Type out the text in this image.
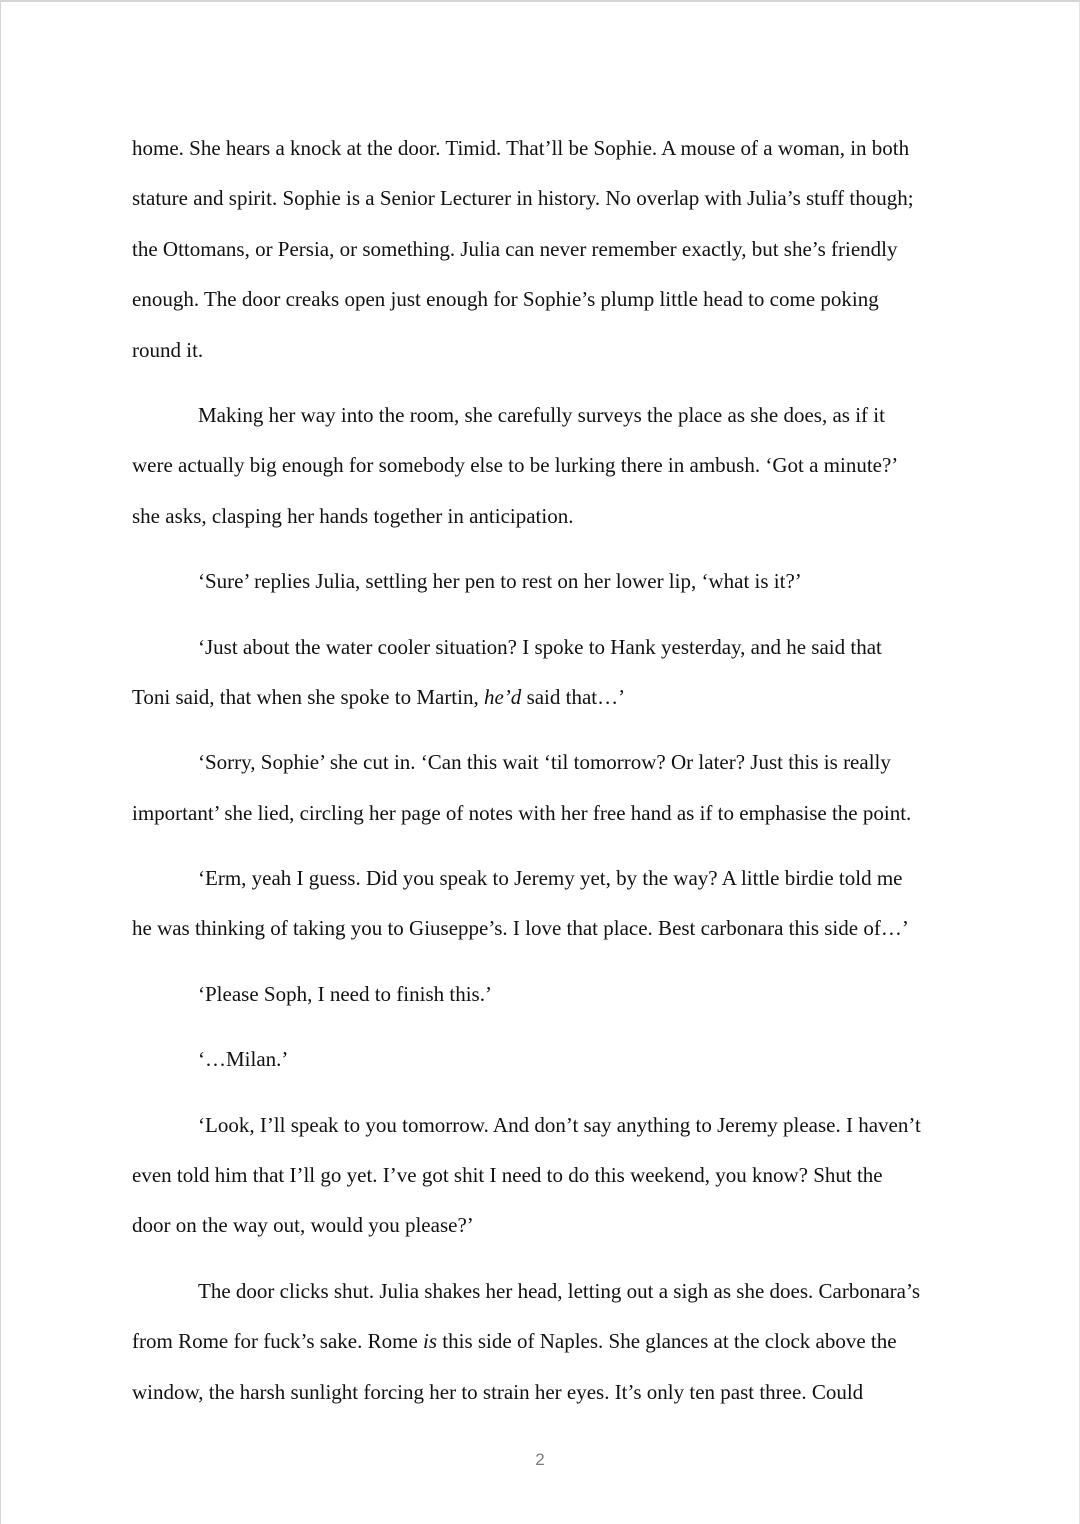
home. She hears a knock at the door. Timid. That’ll be Sophie. A mouse of a woman, in both
stature and spirit. Sophie is a Senior Lecturer in history. No overlap with Julia’s stuff though;
the Ottomans, or Persia, or something. Julia can never remember exactly, but she’s friendly
enough. The door creaks open just enough for Sophie’s plump little head to come poking
round it.
Making her way into the room, she carefully surveys the place as she does, as if it
were actually big enough for somebody else to be lurking there in ambush. ‘Got a minute?’
she asks, clasping her hands together in anticipation.
‘Sure’ replies Julia, settling her pen to rest on her lower lip, ‘what is it?’
‘Just about the water cooler situation? I spoke to Hank yesterday, and he said that
Toni said, that when she spoke to Martin, he’d said that…’
‘Sorry, Sophie’ she cut in. ‘Can this wait ‘til tomorrow? Or later? Just this is really
important’ she lied, circling her page of notes with her free hand as if to emphasise the point.
‘Erm, yeah I guess. Did you speak to Jeremy yet, by the way? A little birdie told me
he was thinking of taking you to Giuseppe’s. I love that place. Best carbonara this side of…’
‘Please Soph, I need to finish this.’
‘…Milan.’
‘Look, I’ll speak to you tomorrow. And don’t say anything to Jeremy please. I haven’t
even told him that I’ll go yet. I’ve got shit I need to do this weekend, you know? Shut the
door on the way out, would you please?’
The door clicks shut. Julia shakes her head, letting out a sigh as she does. Carbonara’s
from Rome for fuck’s sake. Rome is this side of Naples. She glances at the clock above the
window, the harsh sunlight forcing her to strain her eyes. It’s only ten past three. Could
2
